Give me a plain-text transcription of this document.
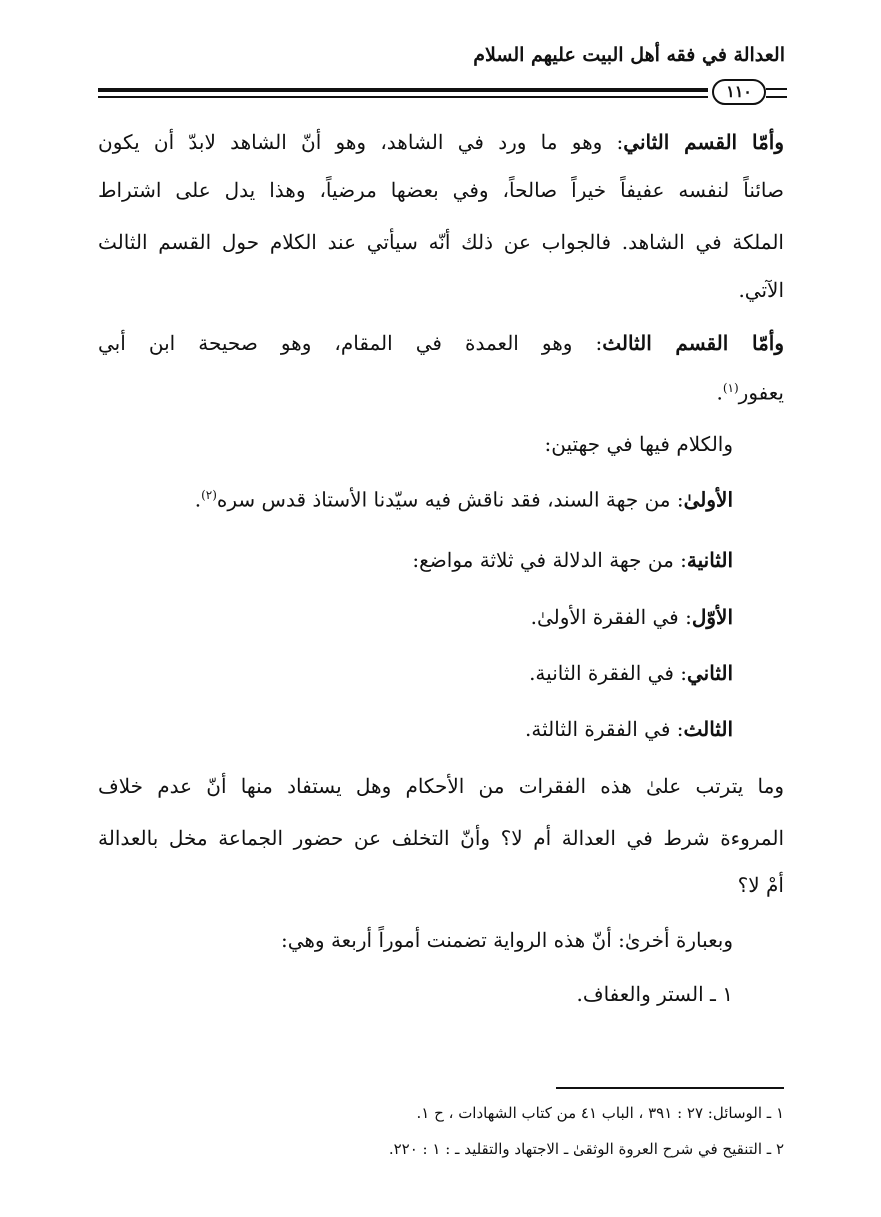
العدالة في فقه أهل البيت عليهم السلام
١١٠
وأمّا القسم الثاني: وهو ما ورد في الشاهد، وهو أنّ الشاهد لابدّ أن يكون
صائناً لنفسه عفيفاً خيراً صالحاً، وفي بعضها مرضياً، وهذا يدل على اشتراط
الملكة في الشاهد. فالجواب عن ذلك أنّه سيأتي عند الكلام حول القسم الثالث
الآتي.
وأمّا القسم الثالث: وهو العمدة في المقام، وهو صحيحة ابن أبي
يعفور$^{(١)}$.
والكلام فيها في جهتين:
الأولىٰ: من جهة السند، فقد ناقش فيه سيّدنا الأستاذ قدس سره$^{(٢)}$.
الثانية: من جهة الدلالة في ثلاثة مواضع:
الأوّل: في الفقرة الأولىٰ.
الثاني: في الفقرة الثانية.
الثالث: في الفقرة الثالثة.
وما يترتب علىٰ هذه الفقرات من الأحكام وهل يستفاد منها أنّ عدم خلاف
المروءة شرط في العدالة أم لا؟ وأنّ التخلف عن حضور الجماعة مخل بالعدالة
أمْ لا؟
وبعبارة أخرىٰ: أنّ هذه الرواية تضمنت أموراً أربعة وهي:
١ ـ الستر والعفاف.
١ ـ الوسائل: ٢٧ : ٣٩١ ، الباب ٤١ من كتاب الشهادات ، ح ١.
٢ ـ التنقيح في شرح العروة الوثقىٰ ـ الاجتهاد والتقليد ـ : ١ : ٢٢٠.
